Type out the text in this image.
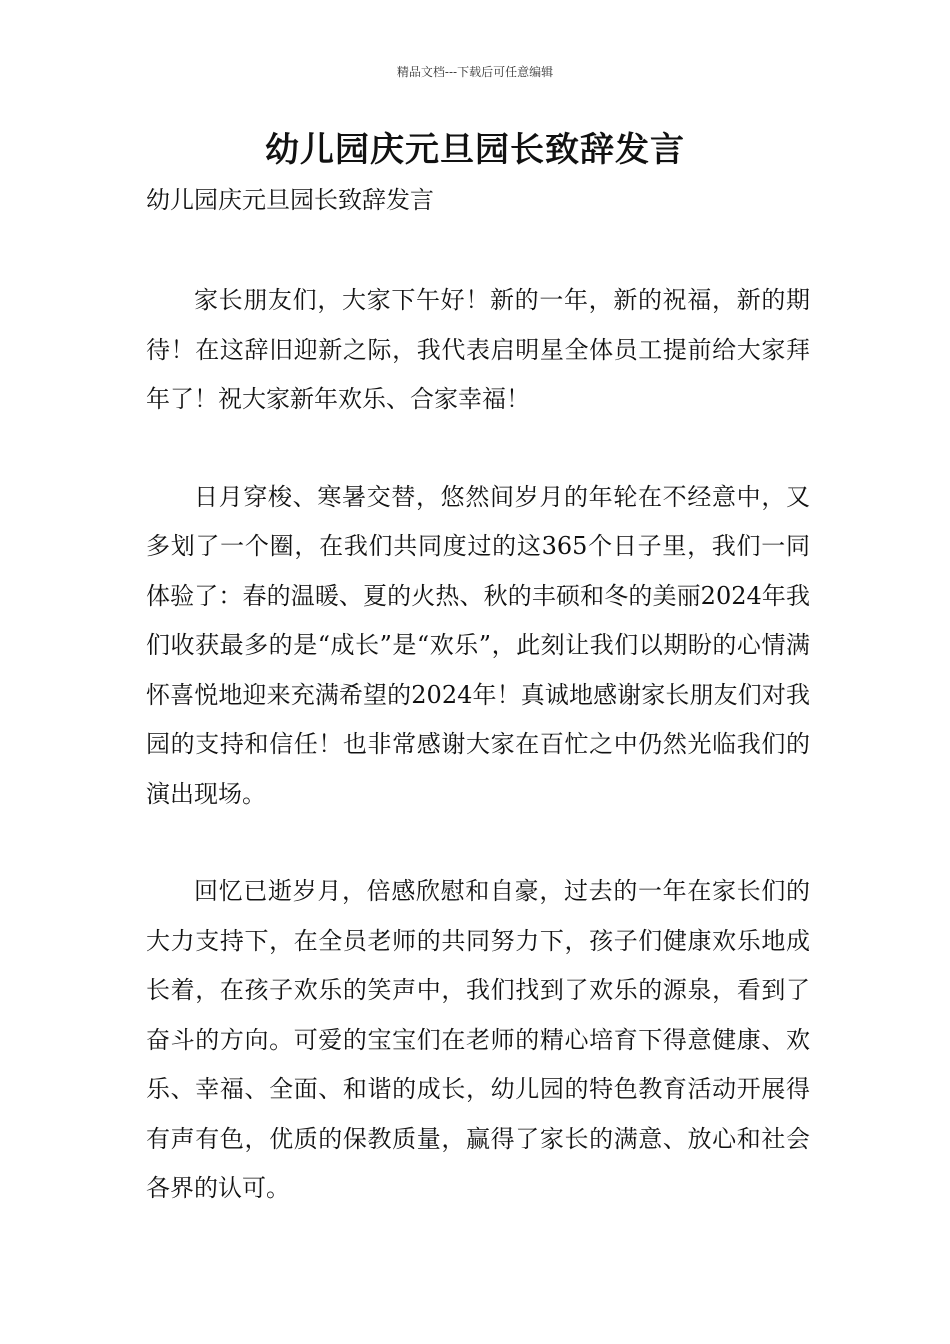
精品文档---下载后可任意编辑
幼儿园庆元旦园长致辞发言
幼儿园庆元旦园长致辞发言

家长朋友们，大家下午好！新的一年，新的祝福，新的期待！在这辞旧迎新之际，我代表启明星全体员工提前给大家拜年了！祝大家新年欢乐、合家幸福！

日月穿梭、寒暑交替，悠然间岁月的年轮在不经意中，又多划了一个圈，在我们共同度过的这365个日子里，我们一同体验了：春的温暖、夏的火热、秋的丰硕和冬的美丽2024年我们收获最多的是“成长”是“欢乐”，此刻让我们以期盼的心情满怀喜悦地迎来充满希望的2024年！真诚地感谢家长朋友们对我园的支持和信任！也非常感谢大家在百忙之中仍然光临我们的演出现场。

回忆已逝岁月，倍感欣慰和自豪，过去的一年在家长们的大力支持下，在全员老师的共同努力下，孩子们健康欢乐地成长着，在孩子欢乐的笑声中，我们找到了欢乐的源泉，看到了奋斗的方向。可爱的宝宝们在老师的精心培育下得意健康、欢乐、幸福、全面、和谐的成长，幼儿园的特色教育活动开展得有声有色，优质的保教质量，赢得了家长的满意、放心和社会各界的认可。
